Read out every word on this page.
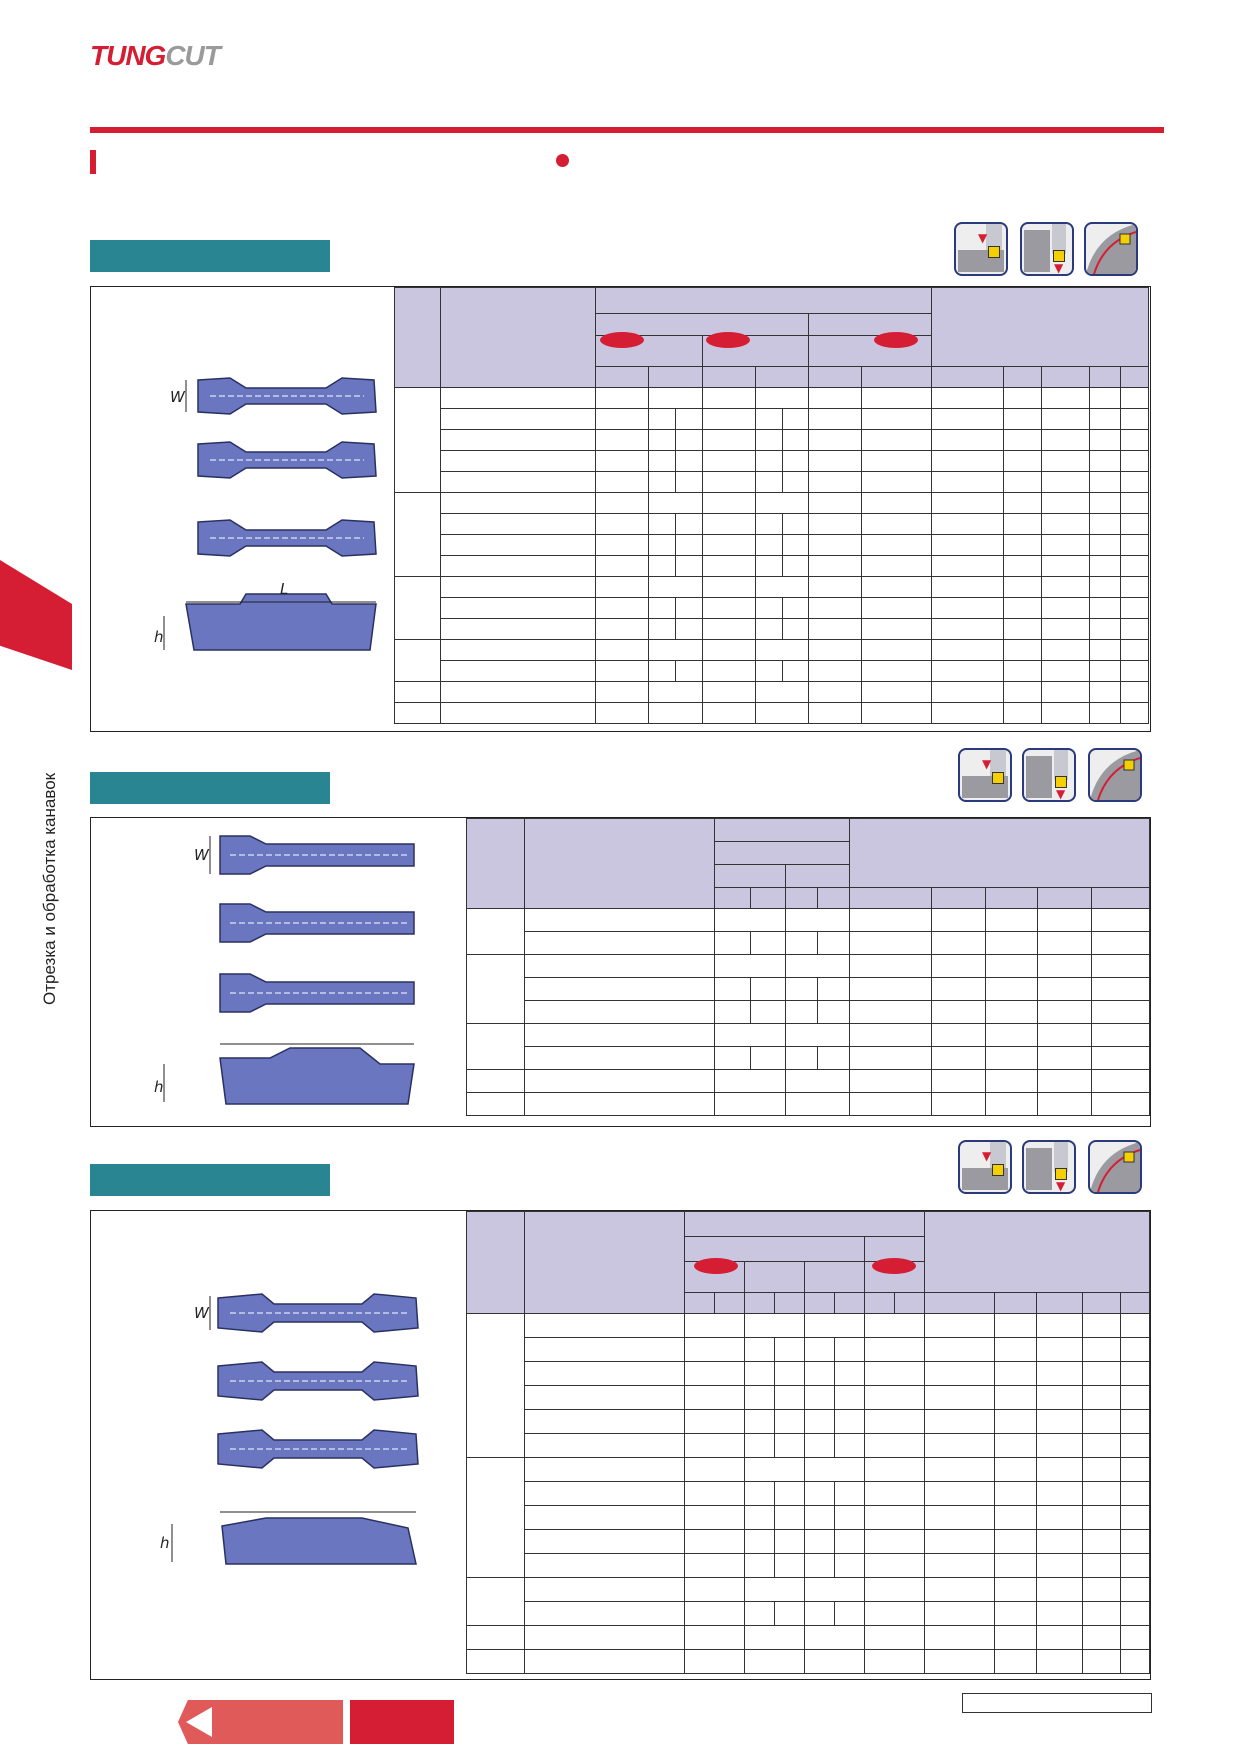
TUNGCUT
Отрезка и обработка канавок
▼
▼
W
L
h

▼
▼
W
h

▼
▼
W
h
